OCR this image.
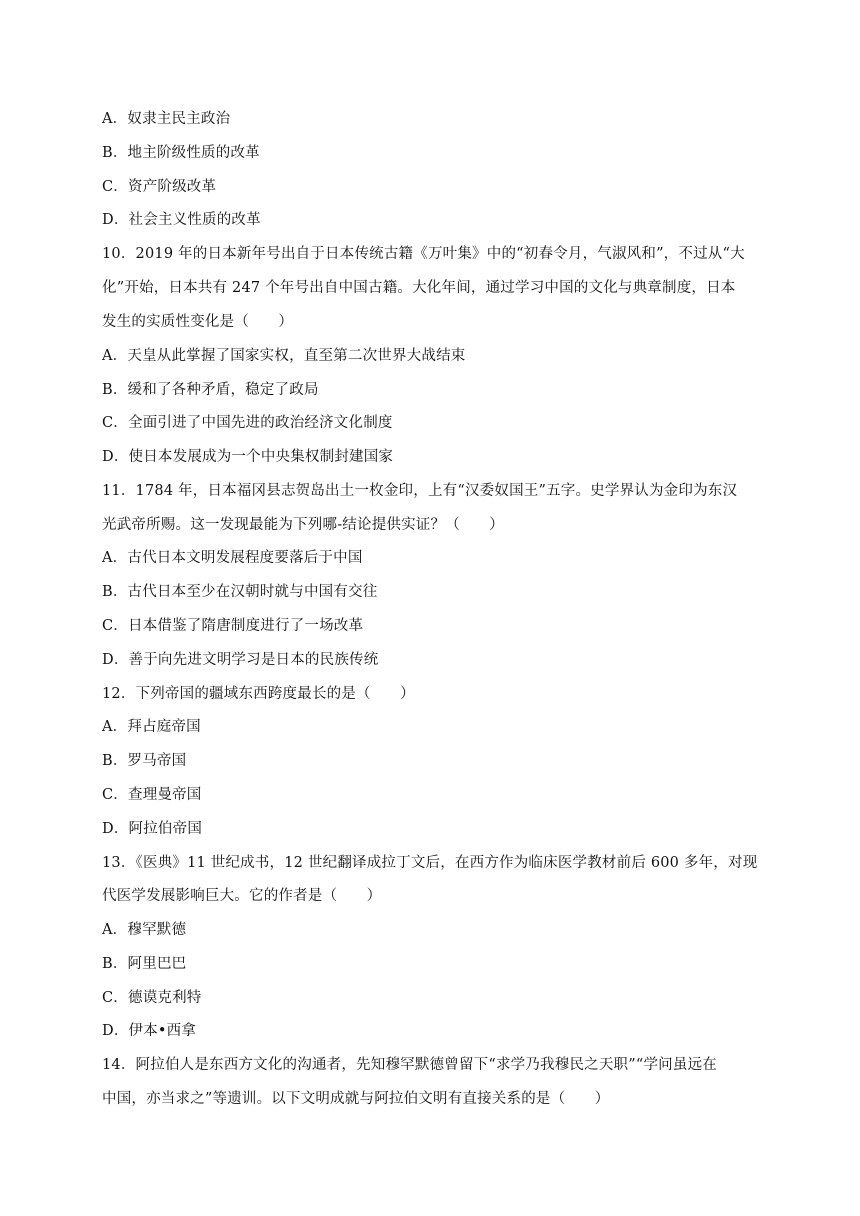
A．奴隶主民主政治
B．地主阶级性质的改革
C．资产阶级改革
D．社会主义性质的改革
10．2019 年的日本新年号出自于日本传统古籍《万叶集》中的“初春令月，气淑风和”，不过从“大
化”开始，日本共有 247 个年号出自中国古籍。大化年间，通过学习中国的文化与典章制度，日本
发生的实质性变化是（　　）
A．天皇从此掌握了国家实权，直至第二次世界大战结束
B．缓和了各种矛盾，稳定了政局
C．全面引进了中国先进的政治经济文化制度
D．使日本发展成为一个中央集权制封建国家
11．1784 年，日本福冈县志贺岛出土一枚金印，上有“汉委奴国王”五字。史学界认为金印为东汉
光武帝所赐。这一发现最能为下列哪-结论提供实证？（　　）
A．古代日本文明发展程度要落后于中国
B．古代日本至少在汉朝时就与中国有交往
C．日本借鉴了隋唐制度进行了一场改革
D．善于向先进文明学习是日本的民族传统
12．下列帝国的疆域东西跨度最长的是（　　）
A．拜占庭帝国
B．罗马帝国
C．查理曼帝国
D．阿拉伯帝国
13．《医典》11 世纪成书，12 世纪翻译成拉丁文后，在西方作为临床医学教材前后 600 多年，对现
代医学发展影响巨大。它的作者是（　　）
A．穆罕默德
B．阿里巴巴
C．德谟克利特
D．伊本•西拿
14．阿拉伯人是东西方文化的沟通者，先知穆罕默德曾留下“求学乃我穆民之天职”“学问虽远在
中国，亦当求之”等遗训。以下文明成就与阿拉伯文明有直接关系的是（　　）
